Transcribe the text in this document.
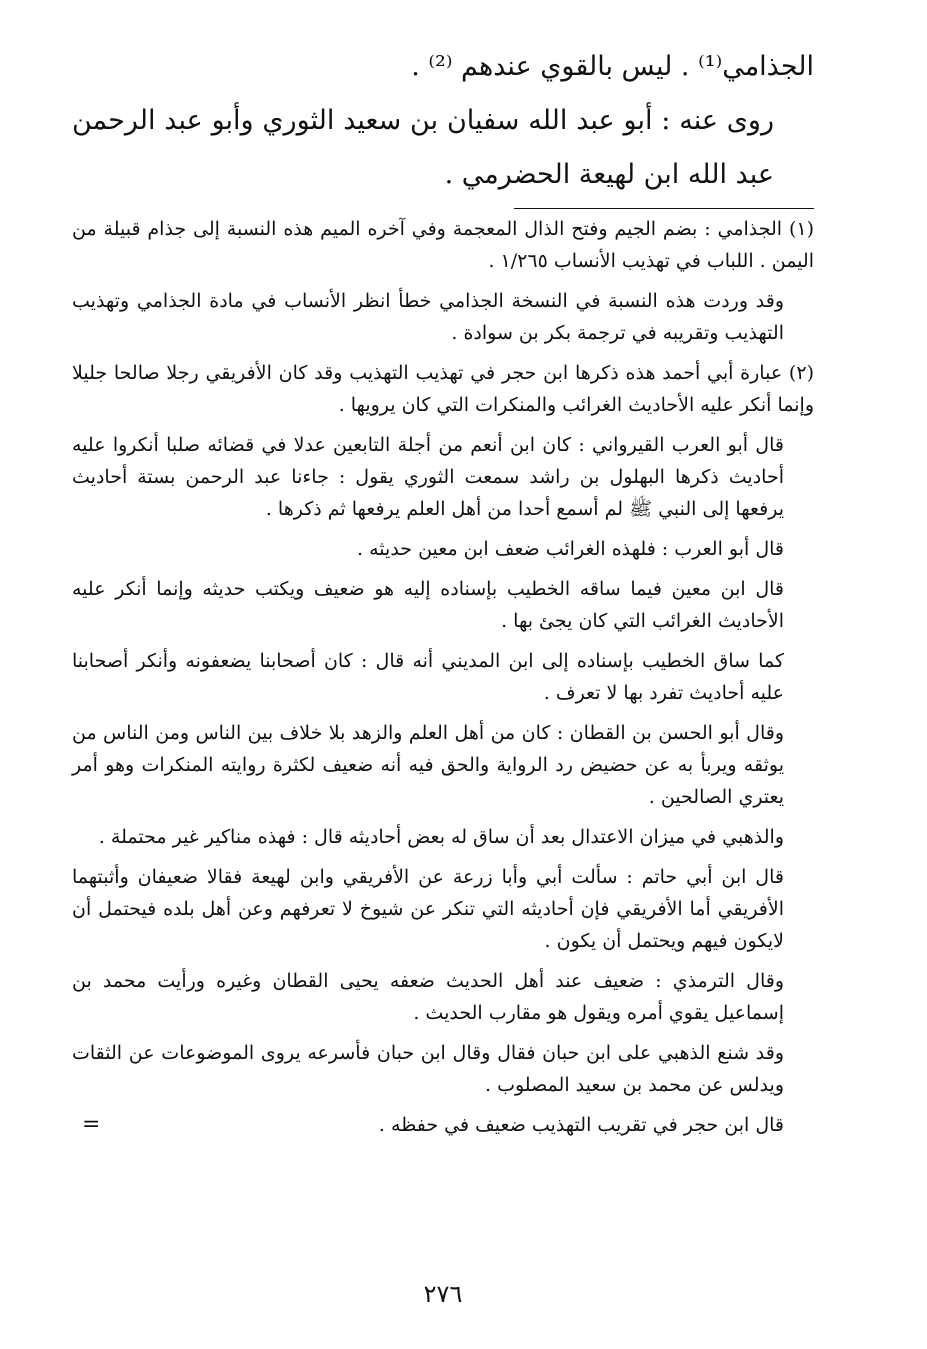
الجذامي⁽¹⁾ . ليس بالقوي عندهم ⁽²⁾ .

روى عنه : أبو عبد الله سفيان بن سعيد الثوري وأبو عبد الرحمن عبد الله ابن لهيعة الحضرمي .

(١) الجذامي : بضم الجيم وفتح الذال المعجمة وفي آخره الميم هذه النسبة إلى جذام قبيلة من اليمن . اللباب في تهذيب الأنساب ١/٢٦٥ .

وقد وردت هذه النسبة في النسخة الجذامي خطأ انظر الأنساب في مادة الجذامي وتهذيب التهذيب وتقريبه في ترجمة بكر بن سوادة .

(٢) عبارة أبي أحمد هذه ذكرها ابن حجر في تهذيب التهذيب وقد كان الأفريقي رجلا صالحا جليلا وإنما أنكر عليه الأحاديث الغرائب والمنكرات التي كان يرويها .

قال أبو العرب القيرواني : كان ابن أنعم من أجلة التابعين عدلا في قضائه صلبا أنكروا عليه أحاديث ذكرها البهلول بن راشد سمعت الثوري يقول : جاءنا عبد الرحمن بستة أحاديث يرفعها إلى النبي ﷺ لم أسمع أحدا من أهل العلم يرفعها ثم ذكرها .

قال أبو العرب : فلهذه الغرائب ضعف ابن معين حديثه .

قال ابن معين فيما ساقه الخطيب بإسناده إليه هو ضعيف ويكتب حديثه وإنما أنكر عليه الأحاديث الغرائب التي كان يجئ بها .

كما ساق الخطيب بإسناده إلى ابن المديني أنه قال : كان أصحابنا يضعفونه وأنكر أصحابنا عليه أحاديث تفرد بها لا تعرف .

وقال أبو الحسن بن القطان : كان من أهل العلم والزهد بلا خلاف بين الناس ومن الناس من يوثقه ويربأ به عن حضيض رد الرواية والحق فيه أنه ضعيف لكثرة روايته المنكرات وهو أمر يعتري الصالحين .

والذهبي في ميزان الاعتدال بعد أن ساق له بعض أحاديثه قال : فهذه مناكير غير محتملة .

قال ابن أبي حاتم : سألت أبي وأبا زرعة عن الأفريقي وابن لهيعة فقالا ضعيفان وأثبتهما الأفريقي أما الأفريقي فإن أحاديثه التي تنكر عن شيوخ لا تعرفهم وعن أهل بلده فيحتمل أن لايكون فيهم ويحتمل أن يكون .

وقال الترمذي : ضعيف عند أهل الحديث ضعفه يحيى القطان وغيره ورأيت محمد بن إسماعيل يقوي أمره ويقول هو مقارب الحديث .

وقد شنع الذهبي على ابن حبان فقال وقال ابن حبان فأسرعه يروى الموضوعات عن الثقات ويدلس عن محمد بن سعيد المصلوب .

قال ابن حجر في تقريب التهذيب ضعيف في حفظه .

=
٢٧٦
